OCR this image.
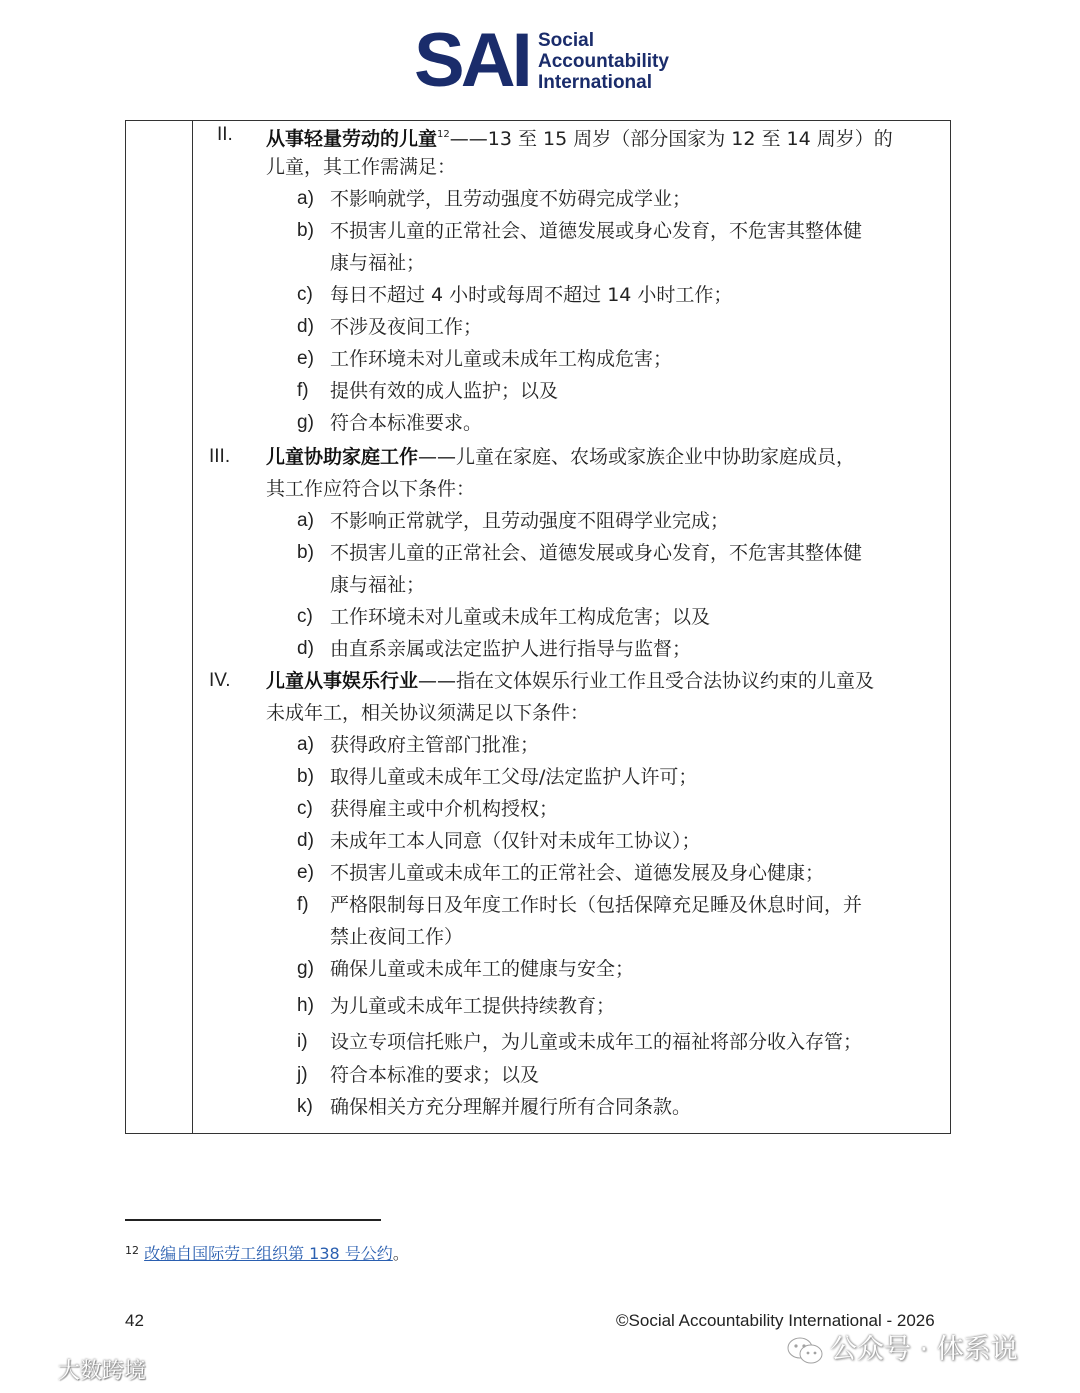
SAI Social
Accountability
International
II. 从事轻量劳动的儿童$^{12}$——13 至 15 周岁（部分国家为 12 至 14 周岁）的
儿童，其工作需满足：
a) 不影响就学，且劳动强度不妨碍完成学业；
b) 不损害儿童的正常社会、道德发展或身心发育，不危害其整体健
康与福祉；
c) 每日不超过 4 小时或每周不超过 14 小时工作；
d) 不涉及夜间工作；
e) 工作环境未对儿童或未成年工构成危害；
f) 提供有效的成人监护；以及
g) 符合本标准要求。
III. 儿童协助家庭工作——儿童在家庭、农场或家族企业中协助家庭成员，
其工作应符合以下条件：
a) 不影响正常就学，且劳动强度不阻碍学业完成；
b) 不损害儿童的正常社会、道德发展或身心发育，不危害其整体健
康与福祉；
c) 工作环境未对儿童或未成年工构成危害；以及
d) 由直系亲属或法定监护人进行指导与监督；
IV. 儿童从事娱乐行业——指在文体娱乐行业工作且受合法协议约束的儿童及
未成年工，相关协议须满足以下条件：
a) 获得政府主管部门批准；
b) 取得儿童或未成年工父母/法定监护人许可；
c) 获得雇主或中介机构授权；
d) 未成年工本人同意（仅针对未成年工协议）；
e) 不损害儿童或未成年工的正常社会、道德发展及身心健康；
f) 严格限制每日及年度工作时长（包括保障充足睡及休息时间，并
禁止夜间工作）
g) 确保儿童或未成年工的健康与安全；
h) 为儿童或未成年工提供持续教育；
i) 设立专项信托账户，为儿童或未成年工的福祉将部分收入存管；
j) 符合本标准的要求；以及
k) 确保相关方充分理解并履行所有合同条款。
$^{12}$ 改编自国际劳工组织第 138 号公约。
42	©Social Accountability International - 2026
大数跨境
公众号 · 体系说
